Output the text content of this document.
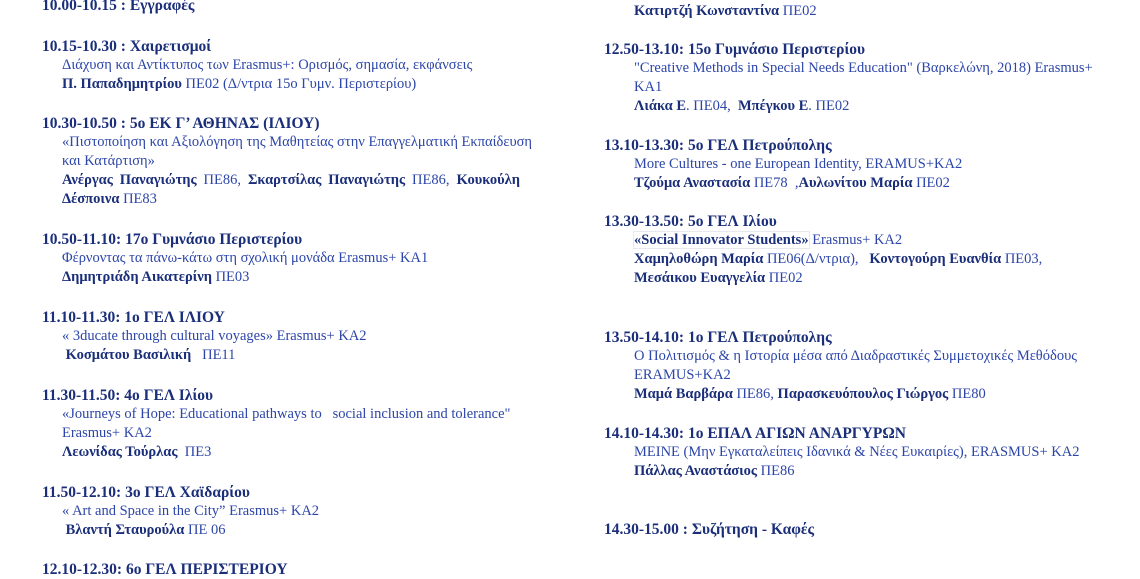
10.00-10.15 : Εγγραφές

10.15-10.30 : Χαιρετισμοί

Διάχυση και Αντίκτυπος των Erasmus+: Ορισμός, σημασία, εκφάνσεις

Π. Παπαδημητρίου ΠΕ02 (Δ/ντρια 15ο Γυμν. Περιστερίου)

10.30-10.50 : 5ο ΕΚ Γ’ ΑΘΗΝΑΣ (ΙΛΙΟΥ)

«Πιστοποίηση και Αξιολόγηση της Μαθητείας στην Επαγγελματική Εκπαίδευση και Κατάρτιση»

Ανέργας Παναγιώτης ΠΕ86, Σκαρτσίλας Παναγιώτης ΠΕ86, Κουκούλη Δέσποινα ΠΕ83

10.50-11.10: 17ο Γυμνάσιο Περιστερίου

Φέρνοντας τα πάνω-κάτω στη σχολική μονάδα Erasmus+ ΚΑ1

Δημητριάδη Αικατερίνη ΠΕ03

11.10-11.30: 1ο ΓΕΛ ΙΛΙΟΥ

« 3ducate through cultural voyages» Erasmus+ KA2

Κοσμάτου Βασιλική   ΠΕ11

11.30-11.50: 4ο ΓΕΛ Ιλίου

«Journeys of Hope: Educational pathways to   social inclusion and tolerance" Erasmus+ KA2

Λεωνίδας Τούρλας  ΠΕ3

11.50-12.10: 3ο ΓΕΛ Χαϊδαρίου

« Art and Space in the City” Erasmus+ KA2

Βλαντή Σταυρούλα ΠΕ 06

12.10-12.30: 6ο ΓΕΛ ΠΕΡΙΣΤΕΡΙΟΥ

Κατιρτζή Κωνσταντίνα ΠΕ02

12.50-13.10: 15ο Γυμνάσιο Περιστερίου

"Creative Methods in Special Needs Education" (Βαρκελώνη, 2018) Erasmus+ KA1

Λιάκα Ε. ΠΕ04,  Μπέγκου Ε. ΠΕ02

13.10-13.30: 5ο ΓΕΛ Πετρούπολης

More Cultures - one European Identity, ERAMUS+KA2

Τζούμα Αναστασία ΠΕ78  ,Αυλωνίτου Μαρία ΠΕ02

13.30-13.50: 5ο ΓΕΛ Ιλίου

«Social Innovator Students» Erasmus+ KA2

Χαμηλοθώρη Μαρία ΠΕ06(Δ/ντρια),   Κοντογούρη Ευανθία ΠΕ03, Μεσάικου Ευαγγελία ΠΕ02

13.50-14.10: 1ο ΓΕΛ Πετρούπολης

Ο Πολιτισμός & η Ιστορία μέσα από Διαδραστικές Συμμετοχικές Μεθόδους ERAMUS+KA2

Μαμά Βαρβάρα ΠΕ86, Παρασκευόπουλος Γιώργος ΠΕ80

14.10-14.30: 1ο ΕΠΑΛ ΑΓΙΩΝ ΑΝΑΡΓΥΡΩΝ

MEINE (Μην Εγκαταλείπεις Ιδανικά & Νέες Ευκαιρίες), ERASMUS+ KA2

Πάλλας Αναστάσιος ΠΕ86

14.30-15.00 : Συζήτηση - Καφές
